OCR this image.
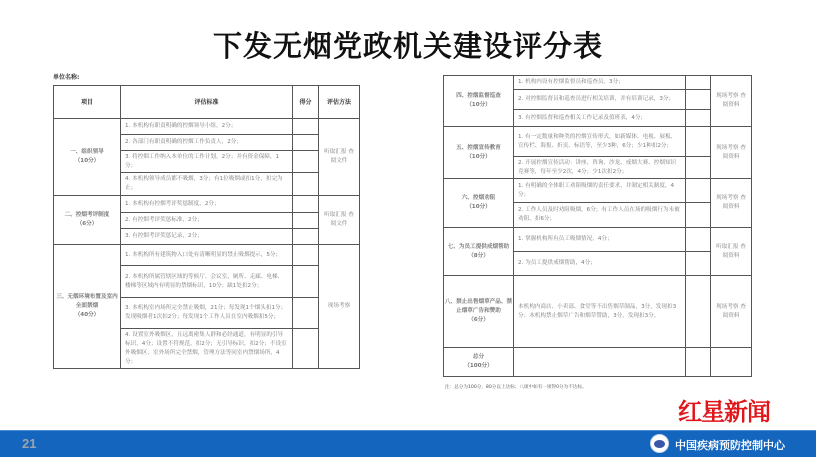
下发无烟党政机关建设评分表
单位名称:
项目	评估标准	得分	评估方法

一、组织领导
（10分）	1. 本机构有职责明确的控烟领导小组，2分；		听取汇报 查阅文件
	2. 各部门有职责明确的控烟工作负责人，2分；		
	3. 将控烟工作纳入本单位的工作计划，2分；并有资金保障，1分；		
	4. 本机构领导成员都不吸烟，3分；有1位吸烟或扣1分，扣完为止；		

二、控烟考评制度
（6分）	1. 本机构有控烟考评奖惩制度，2分；		听取汇报 查阅文件
	2. 有控烟考评奖惩标准，2分；		
	3. 有控烟考评奖惩记录，2分；		

三、无烟环境布置及室内全面禁烟
（40分）	1. 本机构所有建筑物入口处有清晰明显的禁止吸烟提示，5分；		现场考察
	2. 本机构所属管辖区域的等候厅、会议室、厕所、走廊、电梯、楼梯等区域内有明显的禁烟标识，10分；缺1处扣2分；		
	3. 本机构室内场所完全禁止吸烟，21分；每发现1个烟头扣1分；发现吸烟者1次扣2分；每发现1个工作人员在室内吸烟扣5分；		
	4. 设置室外吸烟区，且远离密集人群和必经通道，有明显的引导标识，4分；设置不符规范，扣2分；无引导标识，扣2分；不设室外吸烟区，室外场所完全禁烟，管理方法等同室内禁烟场所，4分；		
四、控烟监督巡查
（10分）	1. 机构内设有控烟监督员和巡查员，3分；		现场考察 查阅资料
	2. 对控烟监督员和巡查员进行相关培训，并有培训记录，3分；		
	3. 有控烟监督和巡查相关工作记录及值班表，4分；		

五、控烟宣传教育
（10分）	1. 有一定数量和种类的控烟宣传形式，如新媒体、电视、展板、宣传栏、海报、折页、标语等，至少3种，6分；少1种扣2分；		现场考察 查阅资料
	2. 开展控烟宣传活动：讲座、咨询、沙龙、戒烟大赛、控烟知识竞赛等，每年至少2次，4分；少1次扣2分；		

六、控烟劝阻
（10分）	1. 有明确的全体职工劝阻吸烟的责任要求，并制定相关制度，4分；		现场考察 查阅资料
	2. 工作人员及时劝阻吸烟，6分；有工作人员在场的吸烟行为未被劝阻，扣6分；		

七、为员工提供戒烟帮助
（8分）	1. 掌握机构所有员工吸烟情况，4分；		听取汇报 查阅资料
	2. 为员工提供戒烟帮助，4分；		

八、禁止出售烟草产品、禁止烟草广告和赞助
（6分）	本机构内商店、小卖部、食堂等不出售烟草制品，3分，发现扣3分；本机构禁止烟草广告和烟草赞助，3分，发现扣3分。		现场考察 查阅资料

总分
（100分）			

注：总分为100分，80分以上达标；八项中如有一项得0分为不达标。
红星新闻
21	中国疾病预防控制中心
